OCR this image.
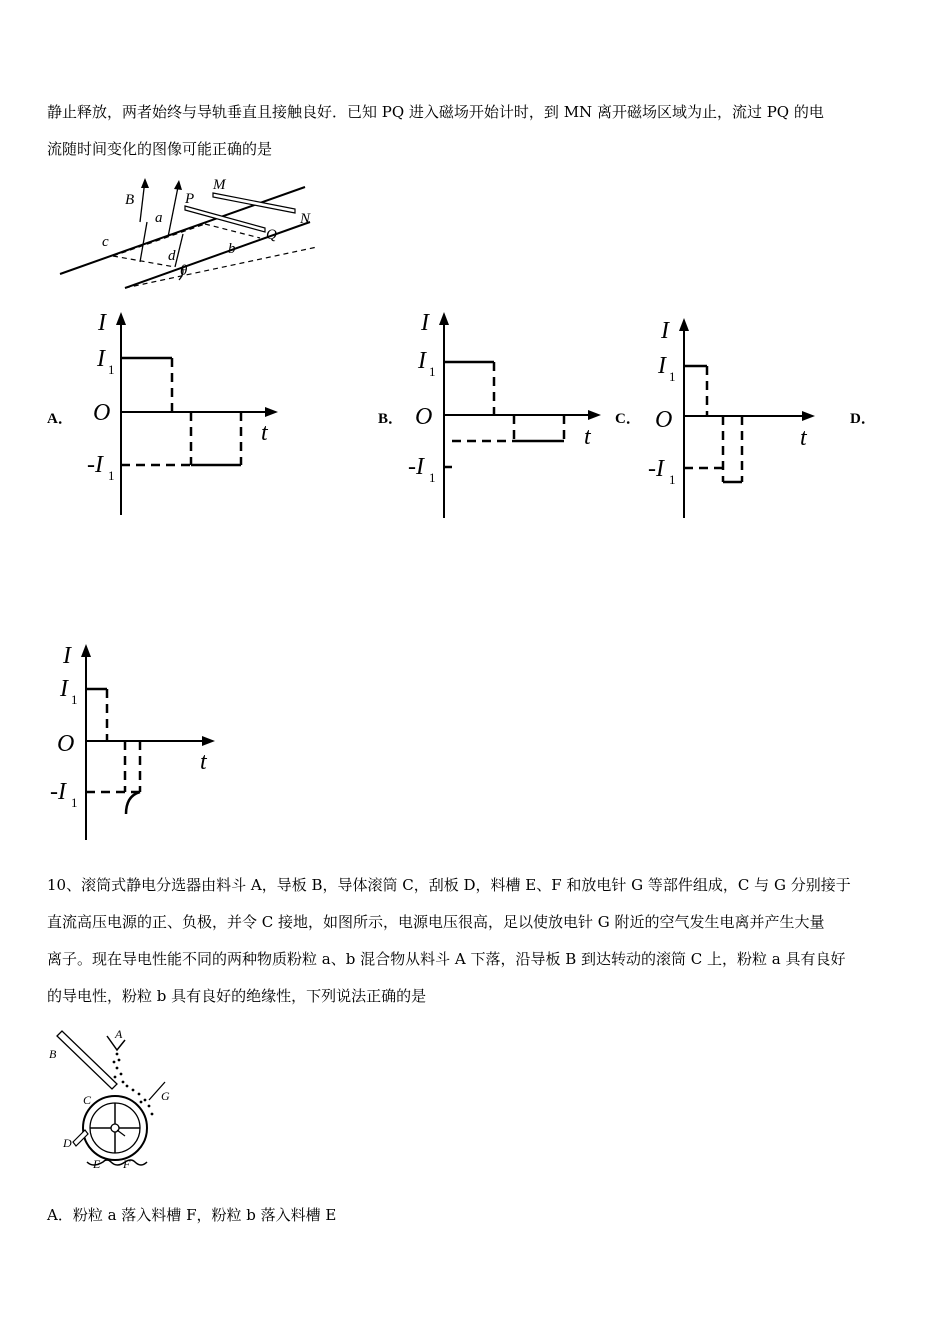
静止释放，两者始终与导轨垂直且接触良好．已知 PQ 进入磁场开始计时，到 MN 离开磁场区域为止，流过 PQ 的电
流随时间变化的图像可能正确的是
B
a
P
M
N
Q
c
d	b
θ
A．	B．	C．	D．
I
I 1
O
t
-I 1
I
I 1
O
t
-I 1
I
I 1
O
t
-I 1
I
I 1
O
t
-I 1
10、滚筒式静电分选器由料斗 A，导板 B，导体滚筒 C，刮板 D，料槽 E、F 和放电针 G 等部件组成，C 与 G 分别接于
直流高压电源的正、负极，并令 C 接地，如图所示，电源电压很高，足以使放电针 G 附近的空气发生电离并产生大量
离子。现在导电性能不同的两种物质粉粒 a、b 混合物从料斗 A 下落，沿导板 B 到达转动的滚筒 C 上，粉粒 a 具有良好
的导电性，粉粒 b 具有良好的绝缘性，下列说法正确的是
A
B
C	G
D
E F
A．粉粒 a 落入料槽 F，粉粒 b 落入料槽 E
